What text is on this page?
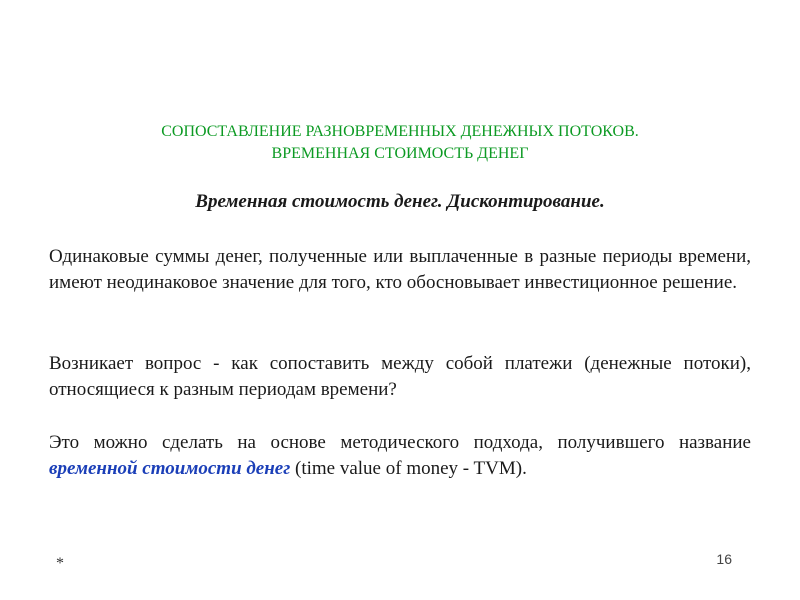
СОПОСТАВЛЕНИЕ РАЗНОВРЕМЕННЫХ ДЕНЕЖНЫХ ПОТОКОВ.
ВРЕМЕННАЯ СТОИМОСТЬ ДЕНЕГ
Временная стоимость денег. Дисконтирование.

Одинаковые суммы денег, полученные или выплаченные в разные периоды времени, имеют неодинаковое значение для того, кто обосновывает инвестиционное решение.

Возникает вопрос - как сопоставить между собой платежи (денежные потоки), относящиеся к разным периодам времени?

Это можно сделать на основе методического подхода, получившего название временной стоимости денег (time value of money - TVM).

*	16
